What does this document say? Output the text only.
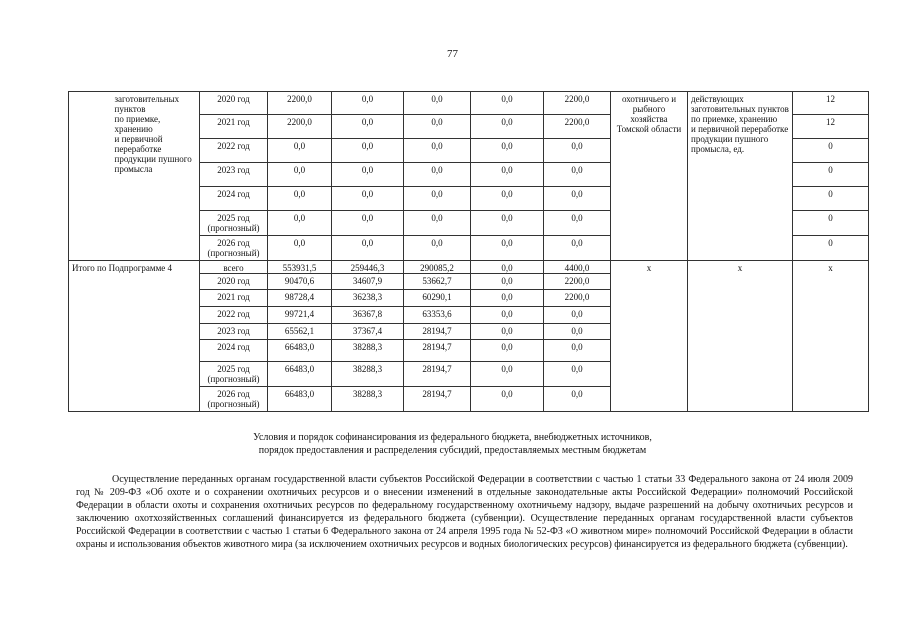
77
	заготовительных пунктов
по приемке, хранению
и первичной переработке продукции пушного промысла	2020 год	2200,0	0,0	0,0	0,0	2200,0	охотничьего и рыбного хозяйства Томской области	действующих заготовительных пунктов по приемке, хранению
и первичной переработке продукции пушного промысла, ед.	12
		2021 год	2200,0	0,0	0,0	0,0	2200,0			12
		2022 год	0,0	0,0	0,0	0,0	0,0			0
		2023 год	0,0	0,0	0,0	0,0	0,0			0
		2024 год	0,0	0,0	0,0	0,0	0,0			0
		2025 год (прогнозный)	0,0	0,0	0,0	0,0	0,0			0
		2026 год (прогнозный)	0,0	0,0	0,0	0,0	0,0			0
Итого по Подпрограмме 4		всего	553931,5	259446,3	290085,2	0,0	4400,0	x	x	x
		2020 год	90470,6	34607,9	53662,7	0,0	2200,0			
		2021 год	98728,4	36238,3	60290,1	0,0	2200,0			
		2022 год	99721,4	36367,8	63353,6	0,0	0,0			
		2023 год	65562,1	37367,4	28194,7	0,0	0,0			
		2024 год	66483,0	38288,3	28194,7	0,0	0,0			
		2025 год (прогнозный)	66483,0	38288,3	28194,7	0,0	0,0			
		2026 год (прогнозный)	66483,0	38288,3	28194,7	0,0	0,0			
Условия и порядок софинансирования из федерального бюджета, внебюджетных источников,
порядок предоставления и распределения субсидий, предоставляемых местным бюджетам

Осуществление переданных органам государственной власти субъектов Российской Федерации в соответствии с частью 1 статьи 33 Федерального закона от 24 июля 2009 год № 209-ФЗ «Об охоте и о сохранении охотничьих ресурсов и о внесении изменений в отдельные законодательные акты Российской Федерации» полномочий Российской Федерации в области охоты и сохранения охотничьих ресурсов по федеральному государственному охотничьему надзору, выдаче разрешений на добычу охотничьих ресурсов и заключению охотхозяйственных соглашений финансируется из федерального бюджета (субвенции). Осуществление переданных органам государственной власти субъектов Российской Федерации в соответствии с частью 1 статьи 6 Федерального закона от 24 апреля 1995 года № 52-ФЗ «О животном мире» полномочий Российской Федерации в области охраны и использования объектов животного мира (за исключением охотничьих ресурсов и водных биологических ресурсов) финансируется из федерального бюджета (субвенции).
